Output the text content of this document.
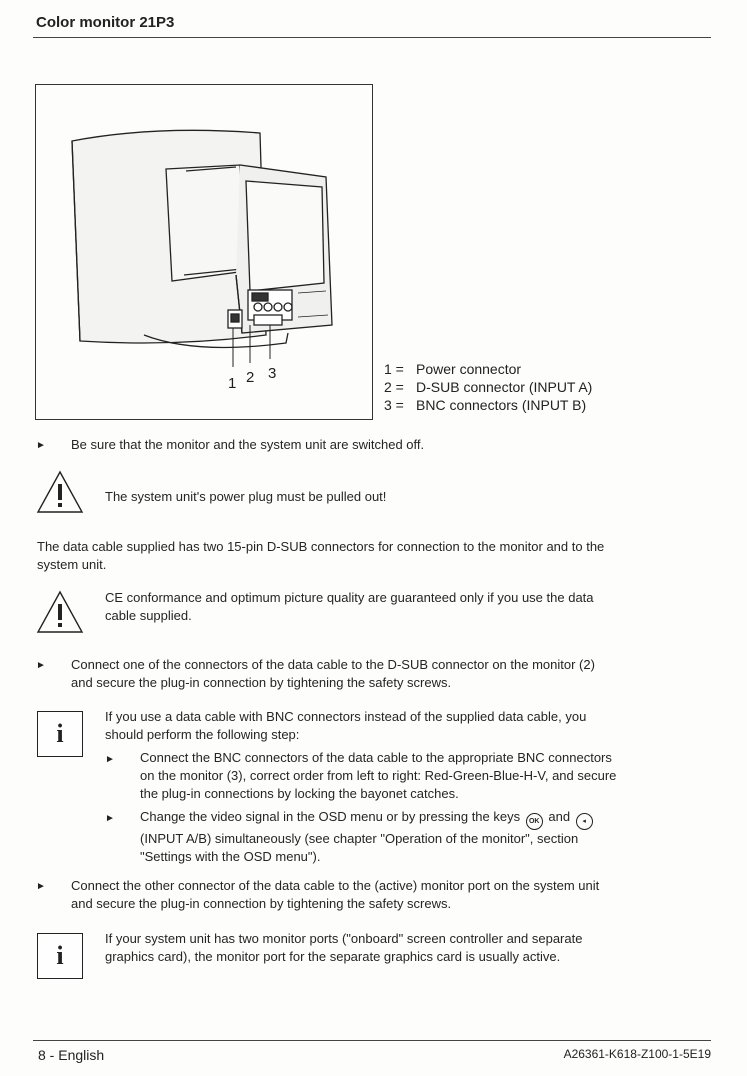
Color monitor 21P3
1 2 3	1 = Power connector
2 = D-SUB connector (INPUT A)
3 = BNC connectors (INPUT B)
► Be sure that the monitor and the system unit are switched off.
The system unit's power plug must be pulled out!
The data cable supplied has two 15-pin D-SUB connectors for connection to the monitor and to the
system unit.
CE conformance and optimum picture quality are guaranteed only if you use the data
cable supplied.
► Connect one of the connectors of the data cable to the D-SUB connector on the monitor (2)
and secure the plug-in connection by tightening the safety screws.
i
If you use a data cable with BNC connectors instead of the supplied data cable, you
should perform the following step:
► Connect the BNC connectors of the data cable to the appropriate BNC connectors
on the monitor (3), correct order from left to right: Red-Green-Blue-H-V, and secure
the plug-in connections by locking the bayonet catches.
► Change the video signal in the OSD menu or by pressing the keys OK and ◂
(INPUT A/B) simultaneously (see chapter "Operation of the monitor", section
"Settings with the OSD menu").
► Connect the other connector of the data cable to the (active) monitor port on the system unit
and secure the plug-in connection by tightening the safety screws.
i
If your system unit has two monitor ports ("onboard" screen controller and separate
graphics card), the monitor port for the separate graphics card is usually active.
8 - English	A26361-K618-Z100-1-5E19
